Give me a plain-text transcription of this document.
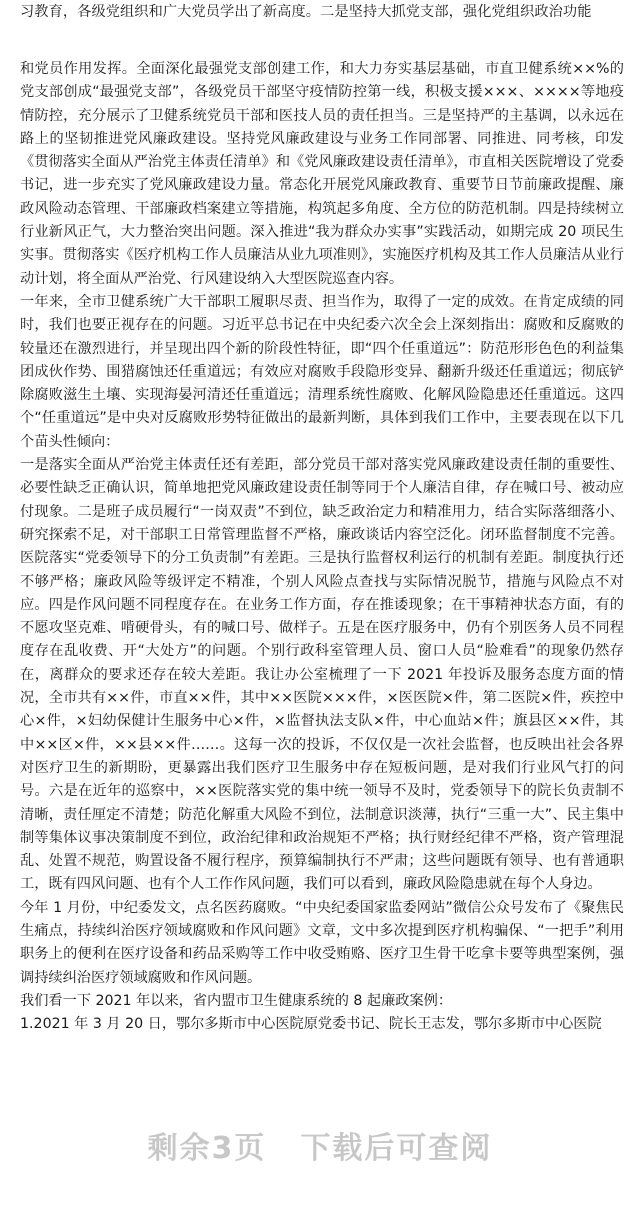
习教育，各级党组织和广大党员学出了新高度。二是坚持大抓党支部，强化党组织政治功能

和党员作用发挥。全面深化最强党支部创建工作，和大力夯实基层基础，市直卫健系统××%的党支部创成“最强党支部”，各级党员干部坚守疫情防控第一线，积极支援×××、××××等地疫情防控，充分展示了卫健系统党员干部和医技人员的责任担当。三是坚持严的主基调，以永远在路上的坚韧推进党风廉政建设。坚持党风廉政建设与业务工作同部署、同推进、同考核，印发《贯彻落实全面从严治党主体责任清单》和《党风廉政建设责任清单》，市直相关医院增设了党委书记，进一步充实了党风廉政建设力量。常态化开展党风廉政教育、重要节日节前廉政提醒、廉政风险动态管理、干部廉政档案建立等措施，构筑起多角度、全方位的防范机制。四是持续树立行业新风正气，大力整治突出问题。深入推进“我为群众办实事”实践活动，如期完成 20 项民生实事。贯彻落实《医疗机构工作人员廉洁从业九项准则》，实施医疗机构及其工作人员廉洁从业行动计划，将全面从严治党、行风建设纳入大型医院巡查内容。

一年来，全市卫健系统广大干部职工履职尽责、担当作为，取得了一定的成效。在肯定成绩的同时，我们也要正视存在的问题。习近平总书记在中央纪委六次全会上深刻指出：腐败和反腐败的较量还在激烈进行，并呈现出四个新的阶段性特征，即“四个任重道远”：防范形形色色的利益集团成伙作势、围猎腐蚀还任重道远；有效应对腐败手段隐形变异、翻新升级还任重道远；彻底铲除腐败滋生土壤、实现海晏河清还任重道远；清理系统性腐败、化解风险隐患还任重道远。这四个“任重道远”是中央对反腐败形势特征做出的最新判断，具体到我们工作中，主要表现在以下几个苗头性倾向：

一是落实全面从严治党主体责任还有差距，部分党员干部对落实党风廉政建设责任制的重要性、必要性缺乏正确认识，简单地把党风廉政建设责任制等同于个人廉洁自律，存在喊口号、被动应付现象。二是班子成员履行“一岗双责”不到位，缺乏政治定力和精准用力，结合实际落细落小、研究探索不足，对干部职工日常管理监督不严格，廉政谈话内容空泛化。闭环监督制度不完善。医院落实“党委领导下的分工负责制”有差距。三是执行监督权利运行的机制有差距。制度执行还不够严格；廉政风险等级评定不精准，个别人风险点查找与实际情况脱节，措施与风险点不对应。四是作风问题不同程度存在。在业务工作方面，存在推诿现象；在干事精神状态方面，有的不愿攻坚克难、啃硬骨头，有的喊口号、做样子。五是在医疗服务中，仍有个别医务人员不同程度存在乱收费、开“大处方”的问题。个别行政科室管理人员、窗口人员“脸难看”的现象仍然存在，离群众的要求还存在较大差距。我让办公室梳理了一下 2021 年投诉及服务态度方面的情况，全市共有××件，市直××件，其中××医院×××件，×医医院×件，第二医院×件，疾控中心×件，×妇幼保健计生服务中心×件，×监督执法支队×件，中心血站×件；旗县区××件，其中××区×件，××县××件……。这每一次的投诉，不仅仅是一次社会监督，也反映出社会各界对医疗卫生的新期盼，更暴露出我们医疗卫生服务中存在短板问题，是对我们行业风气打的问号。六是在近年的巡察中，××医院落实党的集中统一领导不及时，党委领导下的院长负责制不清晰，责任厘定不清楚；防范化解重大风险不到位，法制意识淡薄，执行“三重一大”、民主集中制等集体议事决策制度不到位，政治纪律和政治规矩不严格；执行财经纪律不严格，资产管理混乱、处置不规范，购置设备不履行程序，预算编制执行不严肃；这些问题既有领导、也有普通职工，既有四风问题、也有个人工作作风问题，我们可以看到，廉政风险隐患就在每个人身边。

今年 1 月份，中纪委发文，点名医药腐败。“中央纪委国家监委网站”微信公众号发布了《聚焦民生痛点，持续纠治医疗领域腐败和作风问题》文章，文中多次提到医疗机构骗保、“一把手”利用职务上的便利在医疗设备和药品采购等工作中收受贿赂、医疗卫生骨干吃拿卡要等典型案例，强调持续纠治医疗领域腐败和作风问题。

我们看一下 2021 年以来，省内盟市卫生健康系统的 8 起廉政案例：

1.2021 年 3 月 20 日，鄂尔多斯市中心医院原党委书记、院长王志发，鄂尔多斯市中心医院

剩余3页 下载后可查阅
